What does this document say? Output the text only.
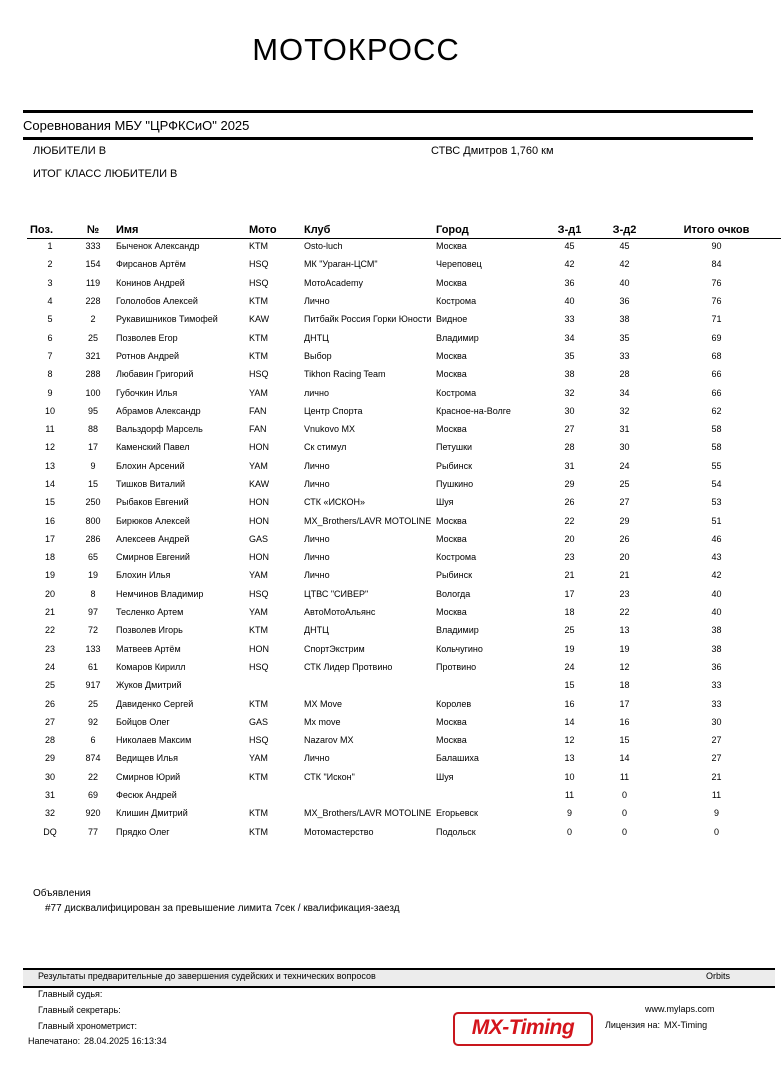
МОТОКРОСС
Соревнования МБУ "ЦРФКСиО" 2025
ЛЮБИТЕЛИ В	СТВС Дмитров 1,760 км
ИТОГ КЛАСС ЛЮБИТЕЛИ В
Поз.	№	Имя	Мото	Клуб	Город	З-д1	З-д2	Итого очков
1	333	Быченок Александр	KTM	Osto-luch	Москва	45	45	90
2	154	Фирсанов Артём	HSQ	МК "Ураган-ЦСМ"	Череповец	42	42	84
3	119	Конинов Андрей	HSQ	МотоAcademy	Москва	36	40	76
4	228	Гололобов Алексей	KTM	Лично	Кострома	40	36	76
5	2	Рукавишников Тимофей	KAW	Питбайк Россия Горки Юности	Видное	33	38	71
6	25	Позволев Егор	KTM	ДНТЦ	Владимир	34	35	69
7	321	Ротнов Андрей	KTM	Выбор	Москва	35	33	68
8	288	Любавин Григорий	HSQ	Tikhon Racing Team	Москва	38	28	66
9	100	Губочкин Илья	YAM	лично	Кострома	32	34	66
10	95	Абрамов Александр	FAN	Центр Спорта	Красное-на-Волге	30	32	62
11	88	Вальздорф Марсель	FAN	Vnukovo MX	Москва	27	31	58
12	17	Каменский Павел	HON	Ск стимул	Петушки	28	30	58
13	9	Блохин Арсений	YAM	Лично	Рыбинск	31	24	55
14	15	Тишков Виталий	KAW	Лично	Пушкино	29	25	54
15	250	Рыбаков Евгений	HON	СТК «ИСКОН»	Шуя	26	27	53
16	800	Бирюков Алексей	HON	MX_Brothers/LAVR MOTOLINE	Москва	22	29	51
17	286	Алексеев Андрей	GAS	Лично	Москва	20	26	46
18	65	Смирнов Евгений	HON	Лично	Кострома	23	20	43
19	19	Блохин Илья	YAM	Лично	Рыбинск	21	21	42
20	8	Немчинов Владимир	HSQ	ЦТВС "СИВЕР"	Вологда	17	23	40
21	97	Тесленко Артем	YAM	АвтоМотоАльянс	Москва	18	22	40
22	72	Позволев Игорь	KTM	ДНТЦ	Владимир	25	13	38
23	133	Матвеев Артём	HON	СпортЭкстрим	Кольчугино	19	19	38
24	61	Комаров Кирилл	HSQ	СТК Лидер Протвино	Протвино	24	12	36
25	917	Жуков Дмитрий				15	18	33
26	25	Давиденко Сергей	KTM	MX Move	Королев	16	17	33
27	92	Бойцов Олег	GAS	Mx move	Москва	14	16	30
28	6	Николаев Максим	HSQ	Nazarov MX	Москва	12	15	27
29	874	Ведищев Илья	YAM	Лично	Балашиха	13	14	27
30	22	Смирнов Юрий	KTM	СТК "Искон"	Шуя	10	11	21
31	69	Фесюк Андрей				11	0	11
32	920	Клишин Дмитрий	KTM	MX_Brothers/LAVR MOTOLINE	Егорьевск	9	0	9
DQ	77	Прядко Олег	KTM	Мотомастерство	Подольск	0	0	0
Объявления
#77 дисквалифицирован за превышение лимита 7сек / квалификация-заезд
Результаты предварительные до завершения судейских и технических вопросов	Orbits
Главный судья:
Главный секретарь:
Главный хронометрист:	MX-Timing
www.mylaps.com
Лицензия на: MX-Timing
Напечатано: 28.04.2025 16:13:34
